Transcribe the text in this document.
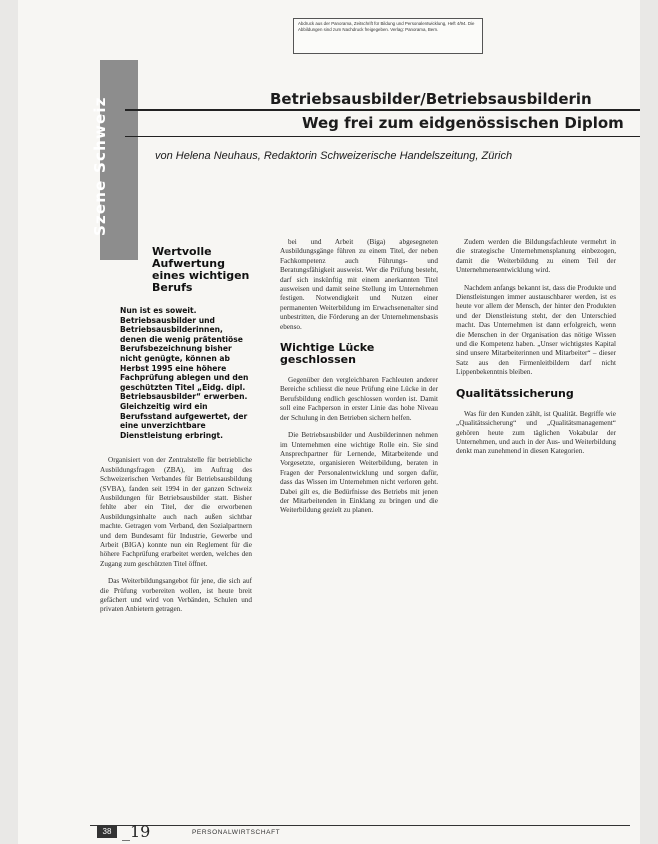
Abdruck aus der Panorama, Zeitschrift für Bildung und Personalentwicklung, Heft 4/94. Die Abbildungen sind zum Nachdruck freigegeben. Verlag: Panorama, Bern.
Szene Schweiz	Betriebsausbilder/Betriebsausbilderin
Weg frei zum eidgenössischen Diplom
von Helena Neuhaus, Redaktorin Schweizerische Handelszeitung, Zürich
Wertvolle Aufwertung eines wichtigen Berufs
Nun ist es soweit. Betriebsausbilder und Betriebsausbilderinnen, denen die wenig prätentiöse Berufsbezeichnung bisher nicht genügte, können ab Herbst 1995 eine höhere Fachprüfung ablegen und den geschützten Titel „Eidg. dipl. Betriebsausbilder“ erwerben. Gleichzeitig wird ein Berufsstand aufgewertet, der eine unverzichtbare Dienstleistung erbringt.

Organisiert von der Zentralstelle für betriebliche Ausbildungsfragen (ZBA), im Auftrag des Schweizerischen Verbandes für Betriebsausbildung (SVBA), fanden seit 1994 in der ganzen Schweiz Ausbildungen für Betriebsausbilder statt. Bisher fehlte aber ein Titel, der die erworbenen Ausbildungsinhalte auch nach außen sichtbar machte. Getragen vom Verband, den Sozialpartnern und dem Bundesamt für Industrie, Gewerbe und Arbeit (BIGA) konnte nun ein Reglement für die höhere Fachprüfung erarbeitet werden, welches den Zugang zum geschützten Titel öffnet.

Das Weiterbildungsangebot für jene, die sich auf die Prüfung vorbereiten wollen, ist heute breit gefächert und wird von Verbänden, Schulen und privaten Anbietern getragen.

bei und Arbeit (Biga) abgesegneten Ausbildungsgänge führen zu einem Titel, der neben Fachkompetenz auch Führungs- und Beratungsfähigkeit ausweist. Wer die Prüfung besteht, darf sich inskünftig mit einem anerkannten Titel ausweisen und damit seine Stellung im Unternehmen festigen. Notwendigkeit und Nutzen einer permanenten Weiterbildung im Erwachsenenalter sind unbestritten, die Förderung an der Unternehmensbasis ebenso.

Wichtige Lücke geschlossen

Gegenüber den vergleichbaren Fachleuten anderer Bereiche schliesst die neue Prüfung eine Lücke in der Berufsbildung endlich geschlossen worden ist. Damit soll eine Fachperson in erster Linie das hohe Niveau der Schulung in den Betrieben sichern helfen.

Die Betriebsausbilder und Ausbilderinnen nehmen im Unternehmen eine wichtige Rolle ein. Sie sind Ansprechpartner für Lernende, Mitarbeitende und Vorgesetzte, organisieren Weiterbildung, beraten in Fragen der Personalentwicklung und sorgen dafür, dass das Wissen im Unternehmen nicht verloren geht. Dabei gilt es, die Bedürfnisse des Betriebs mit jenen der Mitarbeitenden in Einklang zu bringen und die Weiterbildung gezielt zu planen.

Zudem werden die Bildungsfachleute vermehrt in die strategische Unternehmensplanung einbezogen, damit die Weiterbildung zu einem Teil der Unternehmensentwicklung wird.

Nachdem anfangs bekannt ist, dass die Produkte und Dienstleistungen immer austauschbarer werden, ist es heute vor allem der Mensch, der hinter den Produkten und der Dienstleistung steht, der den Unterschied macht. Das Unternehmen ist dann erfolgreich, wenn die Menschen in der Organisation das nötige Wissen und die Kompetenz haben. „Unser wichtigstes Kapital sind unsere Mitarbeiterinnen und Mitarbeiter“ – dieser Satz aus den Firmenleitbildern darf nicht Lippenbekenntnis bleiben.

Qualitätssicherung

Was für den Kunden zählt, ist Qualität. Begriffe wie „Qualitätssicherung“ und „Qualitätsmanagement“ gehören heute zum täglichen Vokabular der Unternehmen, und auch in der Aus- und Weiterbildung denkt man zunehmend in diesen Kategorien.

38 _19	PERSONALWIRTSCHAFT
